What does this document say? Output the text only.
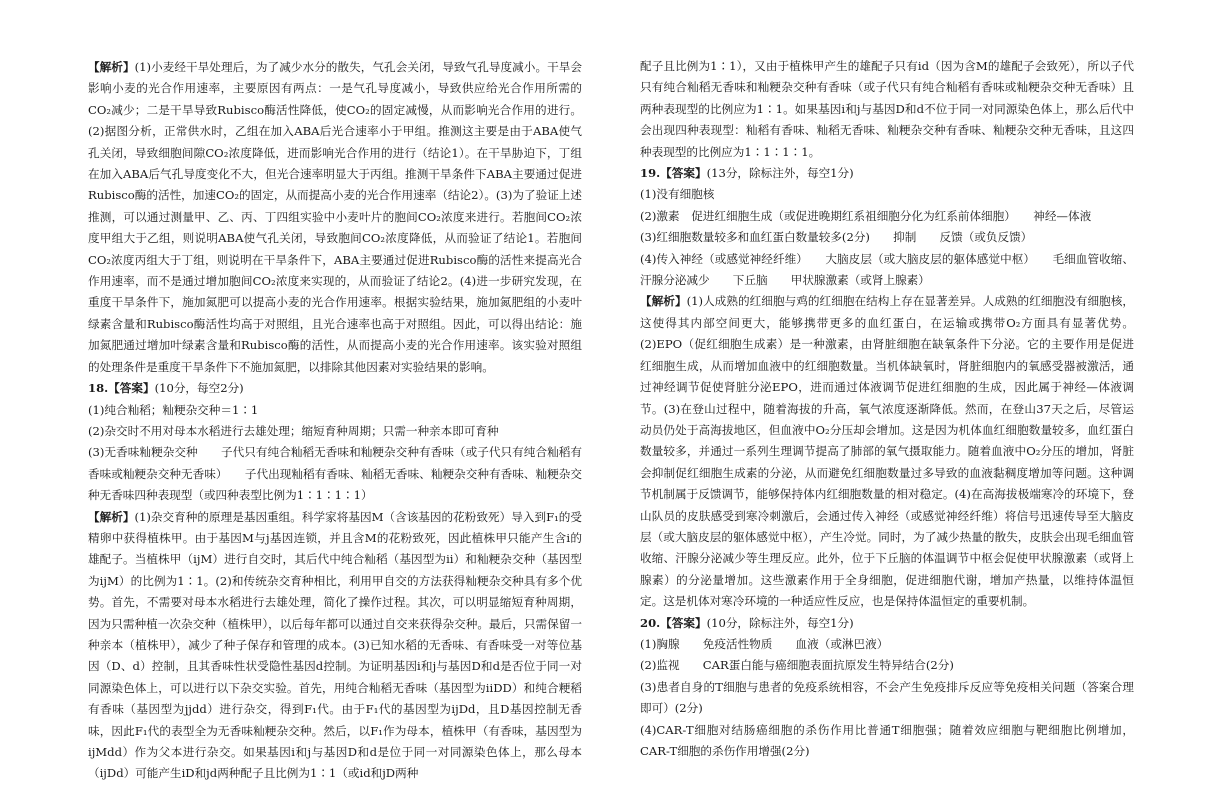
【解析】(1)小麦经干旱处理后，为了减少水分的散失，气孔会关闭，导致气孔导度减小。干旱会影响小麦的光合作用速率，主要原因有两点：一是气孔导度减小，导致供应给光合作用所需的CO₂减少；二是干旱导致Rubisco酶活性降低，使CO₂的固定减慢，从而影响光合作用的进行。(2)据图分析，正常供水时，乙组在加入ABA后光合速率小于甲组。推测这主要是由于ABA使气孔关闭，导致细胞间隙CO₂浓度降低，进而影响光合作用的进行（结论1）。在干旱胁迫下，丁组在加入ABA后气孔导度变化不大，但光合速率明显大于丙组。推测干旱条件下ABA主要通过促进Rubisco酶的活性，加速CO₂的固定，从而提高小麦的光合作用速率（结论2）。(3)为了验证上述推测，可以通过测量甲、乙、丙、丁四组实验中小麦叶片的胞间CO₂浓度来进行。若胞间CO₂浓度甲组大于乙组，则说明ABA使气孔关闭，导致胞间CO₂浓度降低，从而验证了结论1。若胞间CO₂浓度丙组大于丁组，则说明在干旱条件下，ABA主要通过促进Rubisco酶的活性来提高光合作用速率，而不是通过增加胞间CO₂浓度来实现的，从而验证了结论2。(4)进一步研究发现，在重度干旱条件下，施加氮肥可以提高小麦的光合作用速率。根据实验结果，施加氮肥组的小麦叶绿素含量和Rubisco酶活性均高于对照组，且光合速率也高于对照组。因此，可以得出结论：施加氮肥通过增加叶绿素含量和Rubisco酶的活性，从而提高小麦的光合作用速率。该实验对照组的处理条件是重度干旱条件下不施加氮肥，以排除其他因素对实验结果的影响。

18.【答案】(10分，每空2分)

(1)纯合籼稻；籼粳杂交种＝1∶1

(2)杂交时不用对母本水稻进行去雄处理；缩短育种周期；只需一种亲本即可育种

(3)无香味籼粳杂交种　　子代只有纯合籼稻无香味和籼粳杂交种有香味（或子代只有纯合籼稻有香味或籼粳杂交种无香味）　　子代出现籼稻有香味、籼稻无香味、籼粳杂交种有香味、籼粳杂交种无香味四种表现型（或四种表型比例为1∶1∶1∶1）

【解析】(1)杂交育种的原理是基因重组。科学家将基因M（含该基因的花粉致死）导入到F₁的受精卵中获得植株甲。由于基因M与j基因连锁，并且含M的花粉致死，因此植株甲只能产生含i的雄配子。当植株甲（ijM）进行自交时，其后代中纯合籼稻（基因型为ii）和籼粳杂交种（基因型为ijM）的比例为1∶1。(2)和传统杂交育种相比，利用甲自交的方法获得籼粳杂交种具有多个优势。首先，不需要对母本水稻进行去雄处理，简化了操作过程。其次，可以明显缩短育种周期，因为只需种植一次杂交种（植株甲），以后每年都可以通过自交来获得杂交种。最后，只需保留一种亲本（植株甲），减少了种子保存和管理的成本。(3)已知水稻的无香味、有香味受一对等位基因（D、d）控制，且其香味性状受隐性基因d控制。为证明基因i和j与基因D和d是否位于同一对同源染色体上，可以进行以下杂交实验。首先，用纯合籼稻无香味（基因型为iiDD）和纯合粳稻有香味（基因型为jjdd）进行杂交，得到F₁代。由于F₁代的基因型为ijDd，且D基因控制无香味，因此F₁代的表型全为无香味籼粳杂交种。然后，以F₁作为母本，植株甲（有香味，基因型为ijMdd）作为父本进行杂交。如果基因i和j与基因D和d是位于同一对同源染色体上，那么母本（ijDd）可能产生iD和jd两种配子且比例为1∶1（或id和jD两种

配子且比例为1∶1），又由于植株甲产生的雄配子只有id（因为含M的雄配子会致死），所以子代只有纯合籼稻无香味和籼粳杂交种有香味（或子代只有纯合籼稻有香味或籼粳杂交种无香味）且两种表现型的比例应为1∶1。如果基因i和j与基因D和d不位于同一对同源染色体上，那么后代中会出现四种表现型：籼稻有香味、籼稻无香味、籼粳杂交种有香味、籼粳杂交种无香味，且这四种表现型的比例应为1∶1∶1∶1。

19.【答案】(13分，除标注外，每空1分)

(1)没有细胞核

(2)激素　促进红细胞生成（或促进晚期红系祖细胞分化为红系前体细胞）　　神经—体液

(3)红细胞数量较多和血红蛋白数量较多(2分)　　抑制　　反馈（或负反馈）

(4)传入神经（或感觉神经纤维）　　大脑皮层（或大脑皮层的躯体感觉中枢）　　毛细血管收缩、汗腺分泌减少　　下丘脑　　甲状腺激素（或肾上腺素）

【解析】(1)人成熟的红细胞与鸡的红细胞在结构上存在显著差异。人成熟的红细胞没有细胞核，这使得其内部空间更大，能够携带更多的血红蛋白，在运输或携带O₂方面具有显著优势。(2)EPO（促红细胞生成素）是一种激素，由肾脏细胞在缺氧条件下分泌。它的主要作用是促进红细胞生成，从而增加血液中的红细胞数量。当机体缺氧时，肾脏细胞内的氧感受器被激活，通过神经调节促使肾脏分泌EPO，进而通过体液调节促进红细胞的生成，因此属于神经—体液调节。(3)在登山过程中，随着海拔的升高，氧气浓度逐渐降低。然而，在登山37天之后，尽管运动员仍处于高海拔地区，但血液中O₂分压却会增加。这是因为机体血红细胞数量较多，血红蛋白数量较多，并通过一系列生理调节提高了肺部的氧气摄取能力。随着血液中O₂分压的增加，肾脏会抑制促红细胞生成素的分泌，从而避免红细胞数量过多导致的血液黏稠度增加等问题。这种调节机制属于反馈调节，能够保持体内红细胞数量的相对稳定。(4)在高海拔极端寒冷的环境下，登山队员的皮肤感受到寒冷刺激后，会通过传入神经（或感觉神经纤维）将信号迅速传导至大脑皮层（或大脑皮层的躯体感觉中枢），产生冷觉。同时，为了减少热量的散失，皮肤会出现毛细血管收缩、汗腺分泌减少等生理反应。此外，位于下丘脑的体温调节中枢会促使甲状腺激素（或肾上腺素）的分泌量增加。这些激素作用于全身细胞，促进细胞代谢，增加产热量，以维持体温恒定。这是机体对寒冷环境的一种适应性反应，也是保持体温恒定的重要机制。

20.【答案】(10分，除标注外，每空1分)

(1)胸腺　　免疫活性物质　　血液（或淋巴液）

(2)监视　　CAR蛋白能与癌细胞表面抗原发生特异结合(2分)

(3)患者自身的T细胞与患者的免疫系统相容，不会产生免疫排斥反应等免疫相关问题（答案合理即可）(2分)

(4)CAR-T细胞对结肠癌细胞的杀伤作用比普通T细胞强；随着效应细胞与靶细胞比例增加，CAR-T细胞的杀伤作用增强(2分)
